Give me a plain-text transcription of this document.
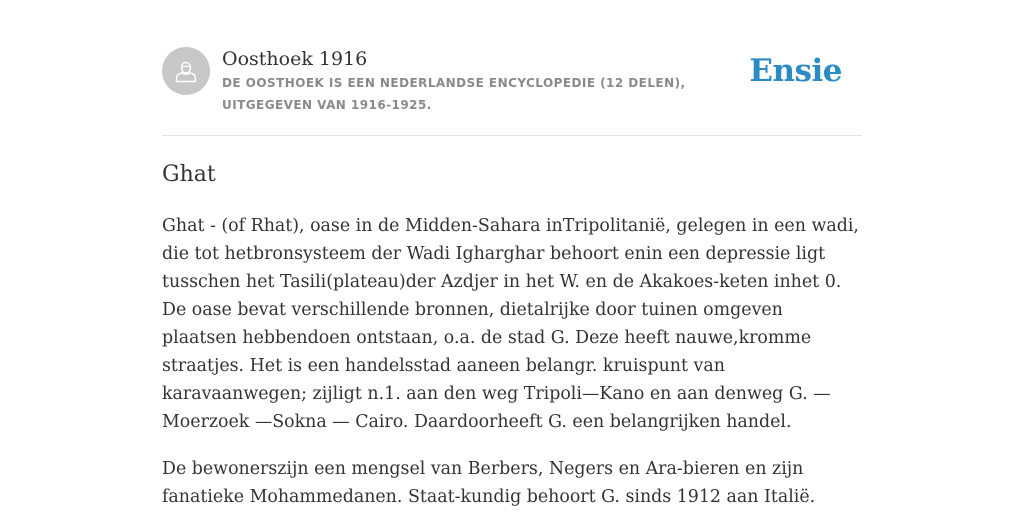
Oosthoek 1916
DE OOSTHOEK IS EEN NEDERLANDSE ENCYCLOPEDIE (12 DELEN), UITGEGEVEN VAN 1916-1925.
Ensie
Ghat

Ghat - (of Rhat), oase in de Midden-Sahara inTripolitanië, gelegen in een wadi, die tot hetbronsysteem der Wadi Igharghar behoort enin een depressie ligt tusschen het Tasili(plateau)der Azdjer in het W. en de Akakoes-keten inhet 0. De oase bevat verschillende bronnen, dietalrijke door tuinen omgeven plaatsen hebbendoen ontstaan, o.a. de stad G. Deze heeft nauwe,kromme straatjes. Het is een handelsstad aaneen belangr. kruispunt van karavaanwegen; zijligt n.1. aan den weg Tripoli—Kano en aan denweg G. —Moerzoek —Sokna — Cairo. Daardoorheeft G. een belangrijken handel.

De bewonerszijn een mengsel van Berbers, Negers en Ara-bieren en zijn fanatieke Mohammedanen. Staat-kundig behoort G. sinds 1912 aan Italië.
